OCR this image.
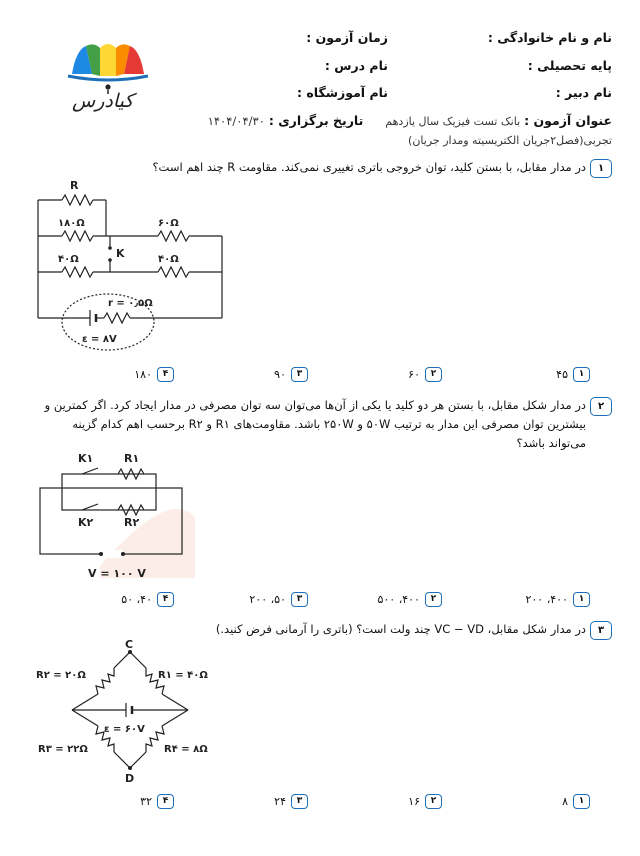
نام و نام خانوادگی :
زمان آزمون :
پایه تحصیلی :
نام درس :
نام دبیر :
نام آموزشگاه :
عنوان آزمون : بانک تست فیزیک سال یازدهم تاریخ برگزاری : ۱۴۰۴/۰۴/۳۰
تجربی(فصل۲جریان الکتریسیته ومدار جریان)
کیادرس
۱
در مدار مقابل، با بستن کلید، توان خروجی باتری تغییری نمی‌کند. مقاومت R چند اهم است؟
R
۱۸۰Ω	۶۰Ω
۴۰Ω	۴۰Ω
K
r = ۰٫۵Ω
ε = ۸V
۱
۴۵
۲
۶۰
۳
۹۰
۴
۱۸۰
۲
در مدار شکل مقابل، با بستن هر دو کلید یا یکی از آن‌ها می‌توان سه توان مصرفی در مدار ایجاد کرد. اگر کمترین و
بیشترین توان مصرفی این مدار به ترتیب ۵۰W و ۲۵۰W باشد. مقاومت‌های R۱ و R۲ برحسب اهم کدام گزینه
می‌تواند باشد؟
K۱	R۱
K۲	R۲
V = ۱۰۰ V
۱
۴۰۰، ۲۰۰
۲
۴۰۰، ۵۰۰
۳
۵۰، ۲۰۰
۴
۴۰، ۵۰
۳
در مدار شکل مقابل، VC − VD چند ولت است؟ (باتری را آرمانی فرض کنید.)
C
D
R۱ = ۴۰Ω
R۲ = ۲۰Ω
R۳ = ۲۲Ω	R۴ = ۸Ω
ε = ۶۰V
۱
۸
۲
۱۶
۳
۲۴
۴
۳۲
